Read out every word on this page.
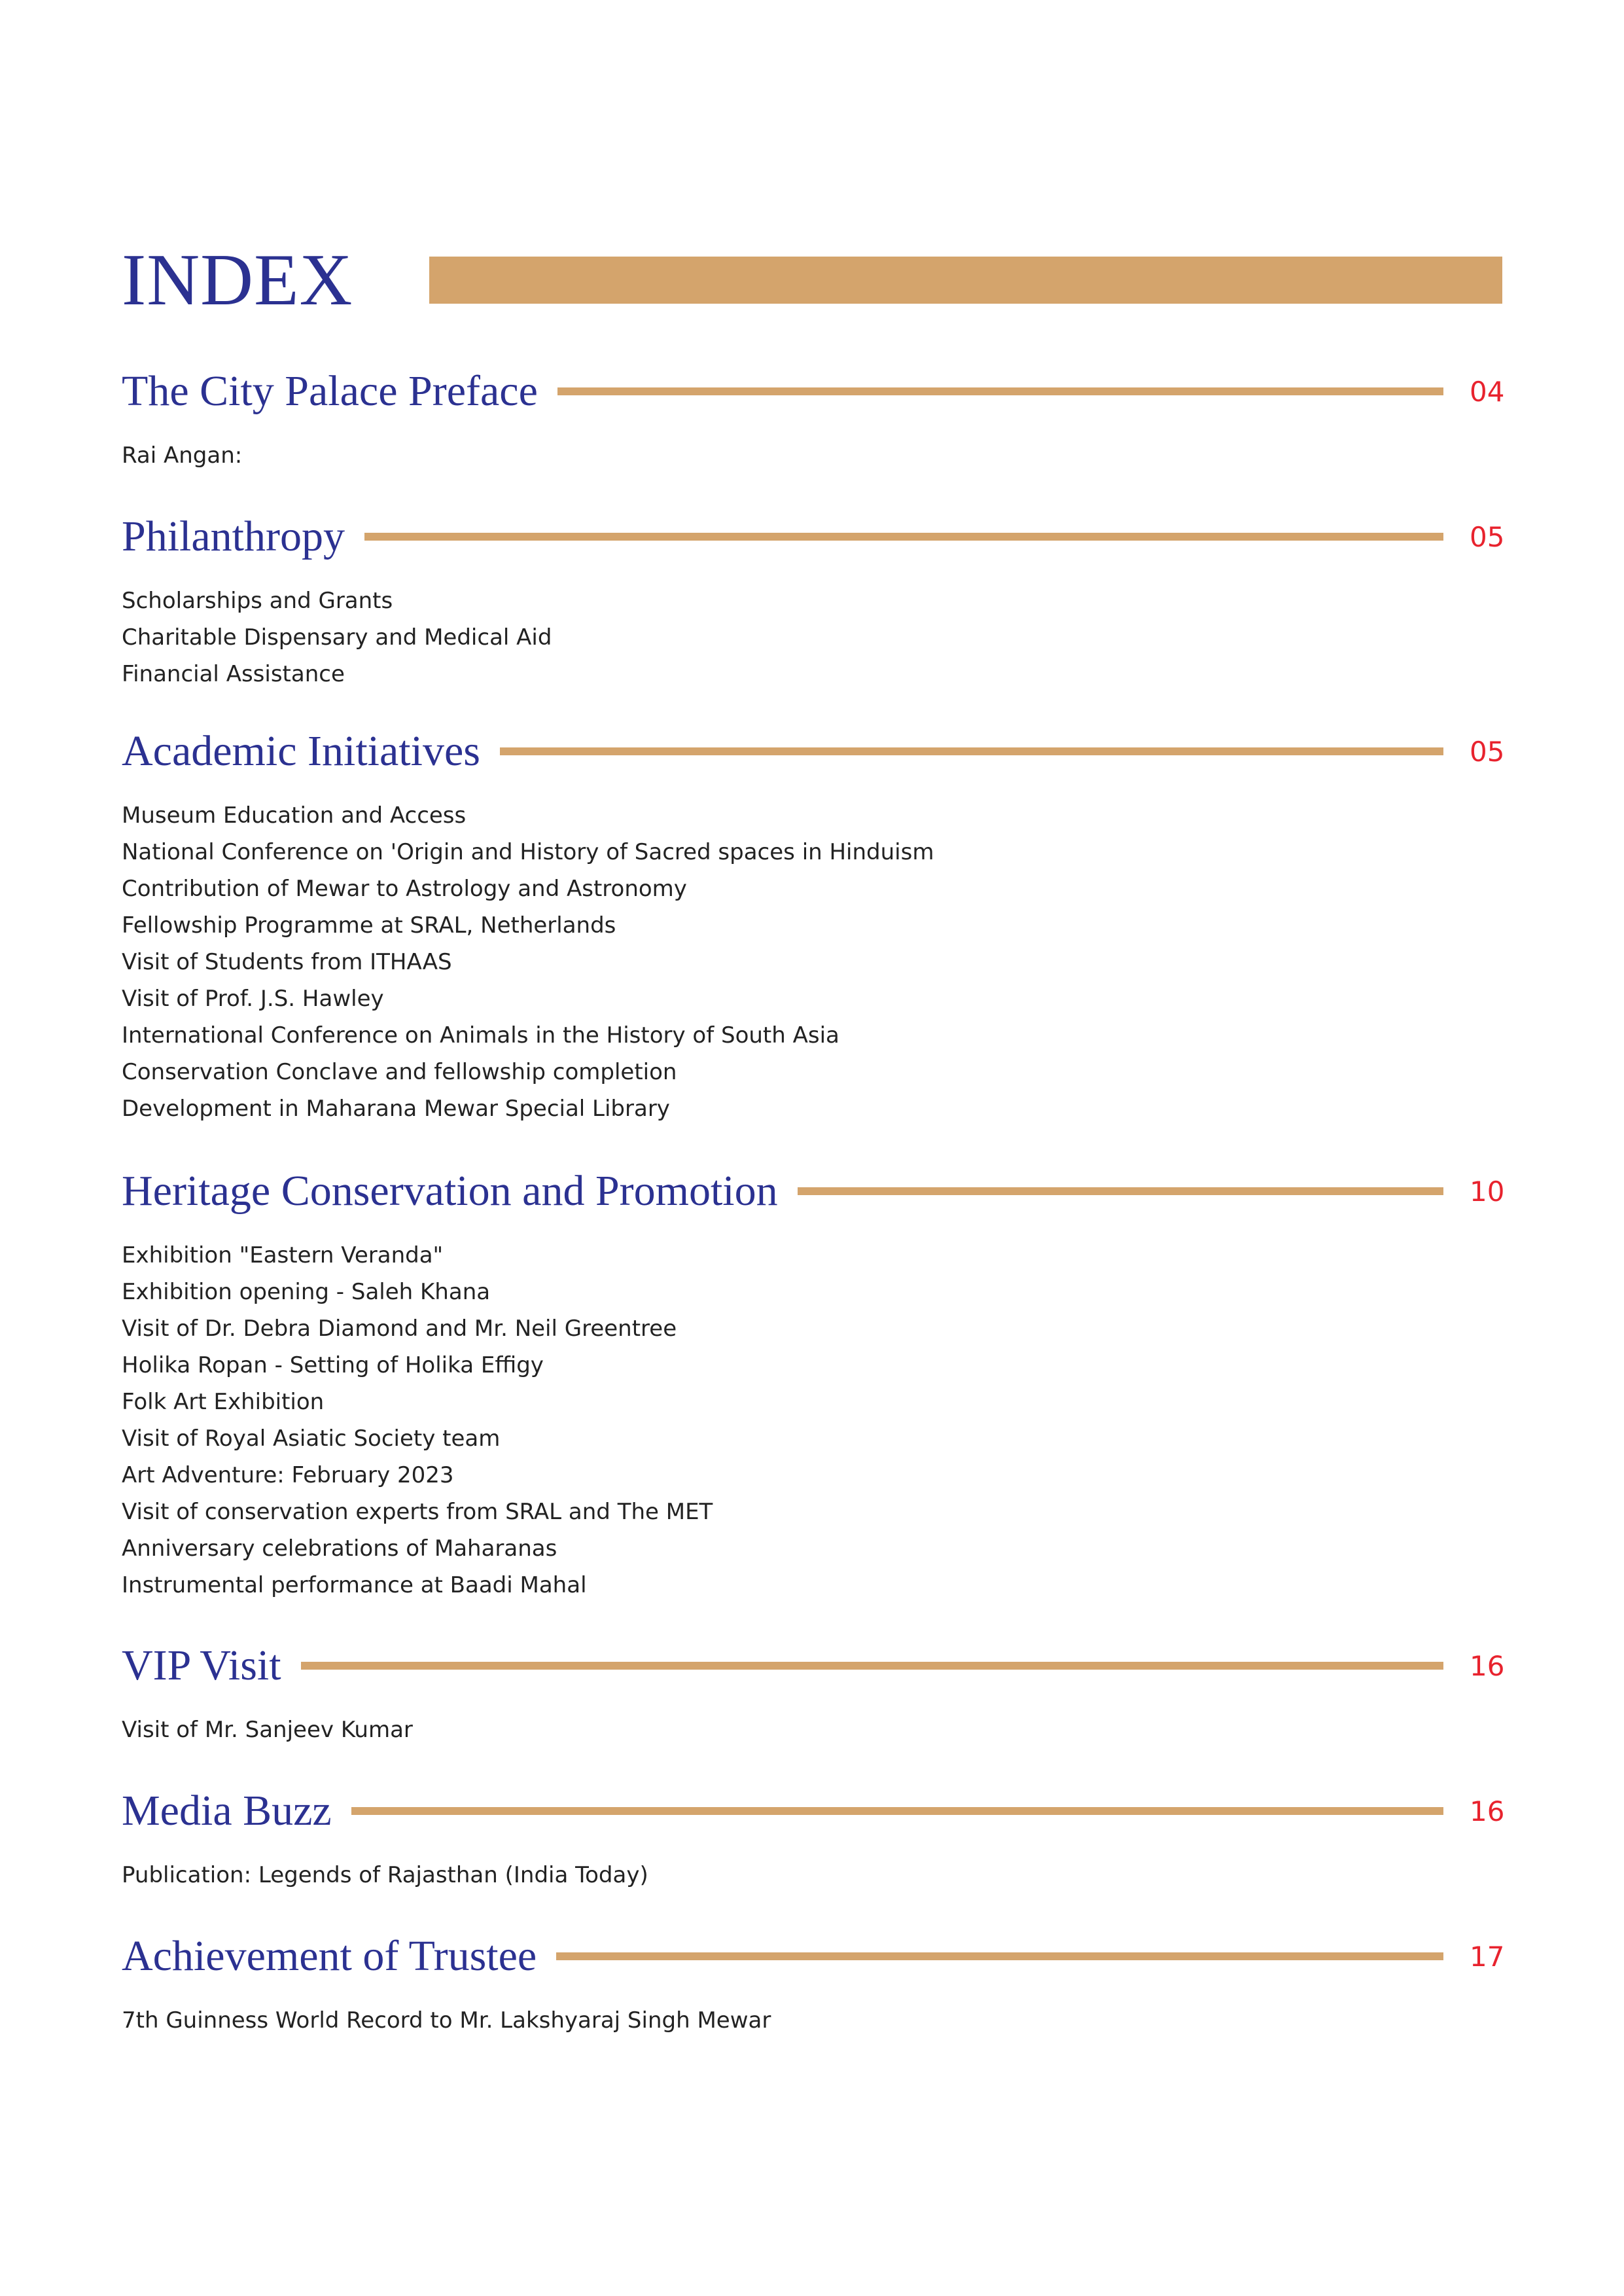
INDEX
The City Palace Preface	04
Rai Angan:
Philanthropy	05
Scholarships and Grants
Charitable Dispensary and Medical Aid
Financial Assistance
Academic Initiatives	05
Museum Education and Access
National Conference on 'Origin and History of Sacred spaces in Hinduism
Contribution of Mewar to Astrology and Astronomy
Fellowship Programme at SRAL, Netherlands
Visit of Students from ITHAAS
Visit of Prof. J.S. Hawley
International Conference on Animals in the History of South Asia
Conservation Conclave and fellowship completion
Development in Maharana Mewar Special Library
Heritage Conservation and Promotion	10
Exhibition "Eastern Veranda"
Exhibition opening - Saleh Khana
Visit of Dr. Debra Diamond and Mr. Neil Greentree
Holika Ropan - Setting of Holika Effigy
Folk Art Exhibition
Visit of Royal Asiatic Society team
Art Adventure: February 2023
Visit of conservation experts from SRAL and The MET
Anniversary celebrations of Maharanas
Instrumental performance at Baadi Mahal
VIP Visit	16
Visit of Mr. Sanjeev Kumar
Media Buzz	16
Publication: Legends of Rajasthan (India Today)
Achievement of Trustee	17
7th Guinness World Record to Mr. Lakshyaraj Singh Mewar
